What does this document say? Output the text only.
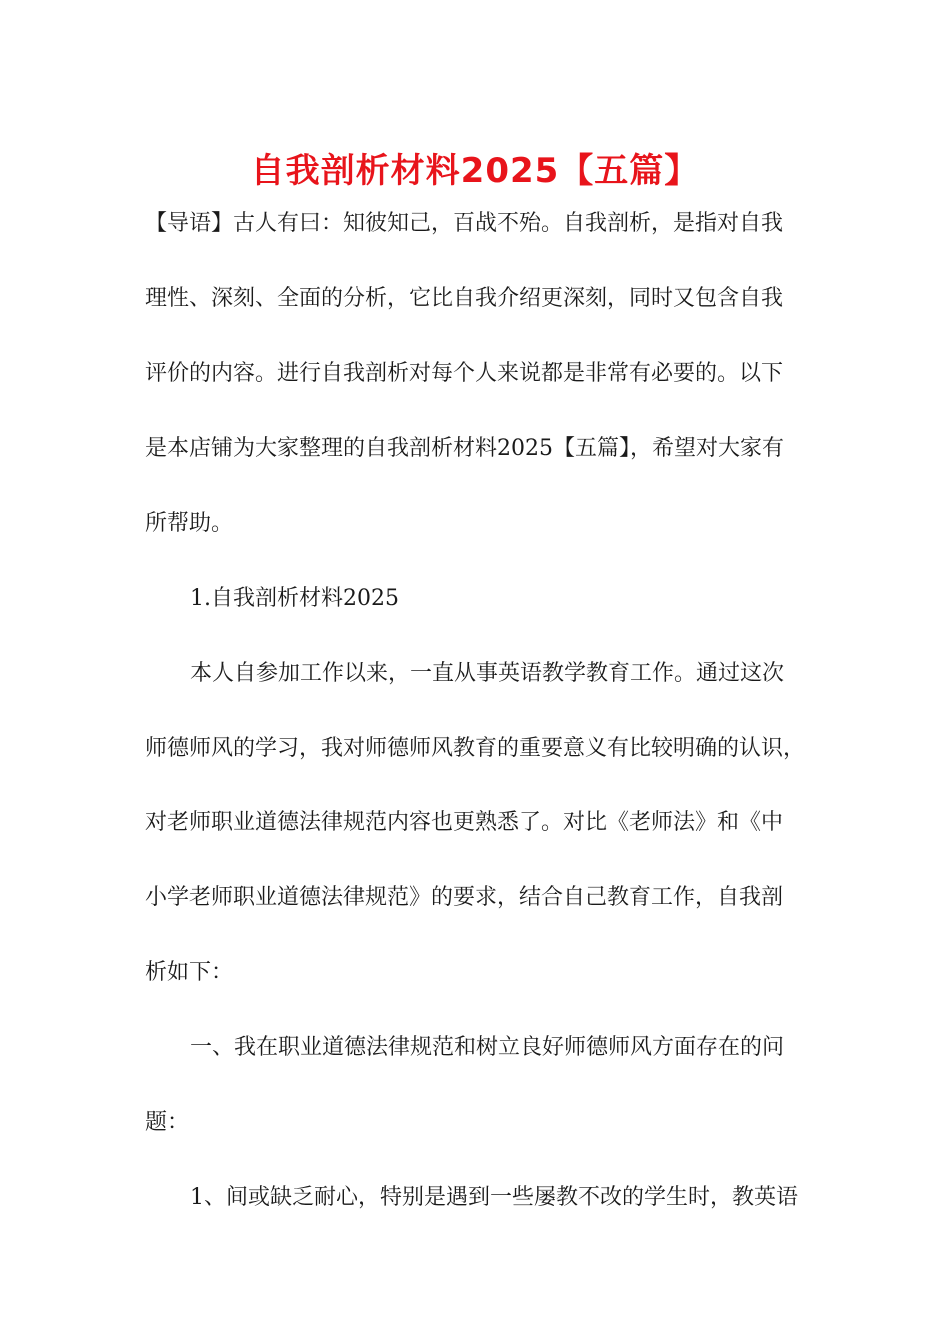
自我剖析材料2025【五篇】

【导语】古人有曰：知彼知己，百战不殆。自我剖析，是指对自我

理性、深刻、全面的分析，它比自我介绍更深刻，同时又包含自我

评价的内容。进行自我剖析对每个人来说都是非常有必要的。以下

是本店铺为大家整理的自我剖析材料2025【五篇】，希望对大家有

所帮助。

1.自我剖析材料2025

本人自参加工作以来，一直从事英语教学教育工作。通过这次

师德师风的学习，我对师德师风教育的重要意义有比较明确的认识，

对老师职业道德法律规范内容也更熟悉了。对比《老师法》和《中

小学老师职业道德法律规范》的要求，结合自己教育工作，自我剖

析如下：

一、我在职业道德法律规范和树立良好师德师风方面存在的问

题：

1、间或缺乏耐心，特别是遇到一些屡教不改的学生时，教英语
